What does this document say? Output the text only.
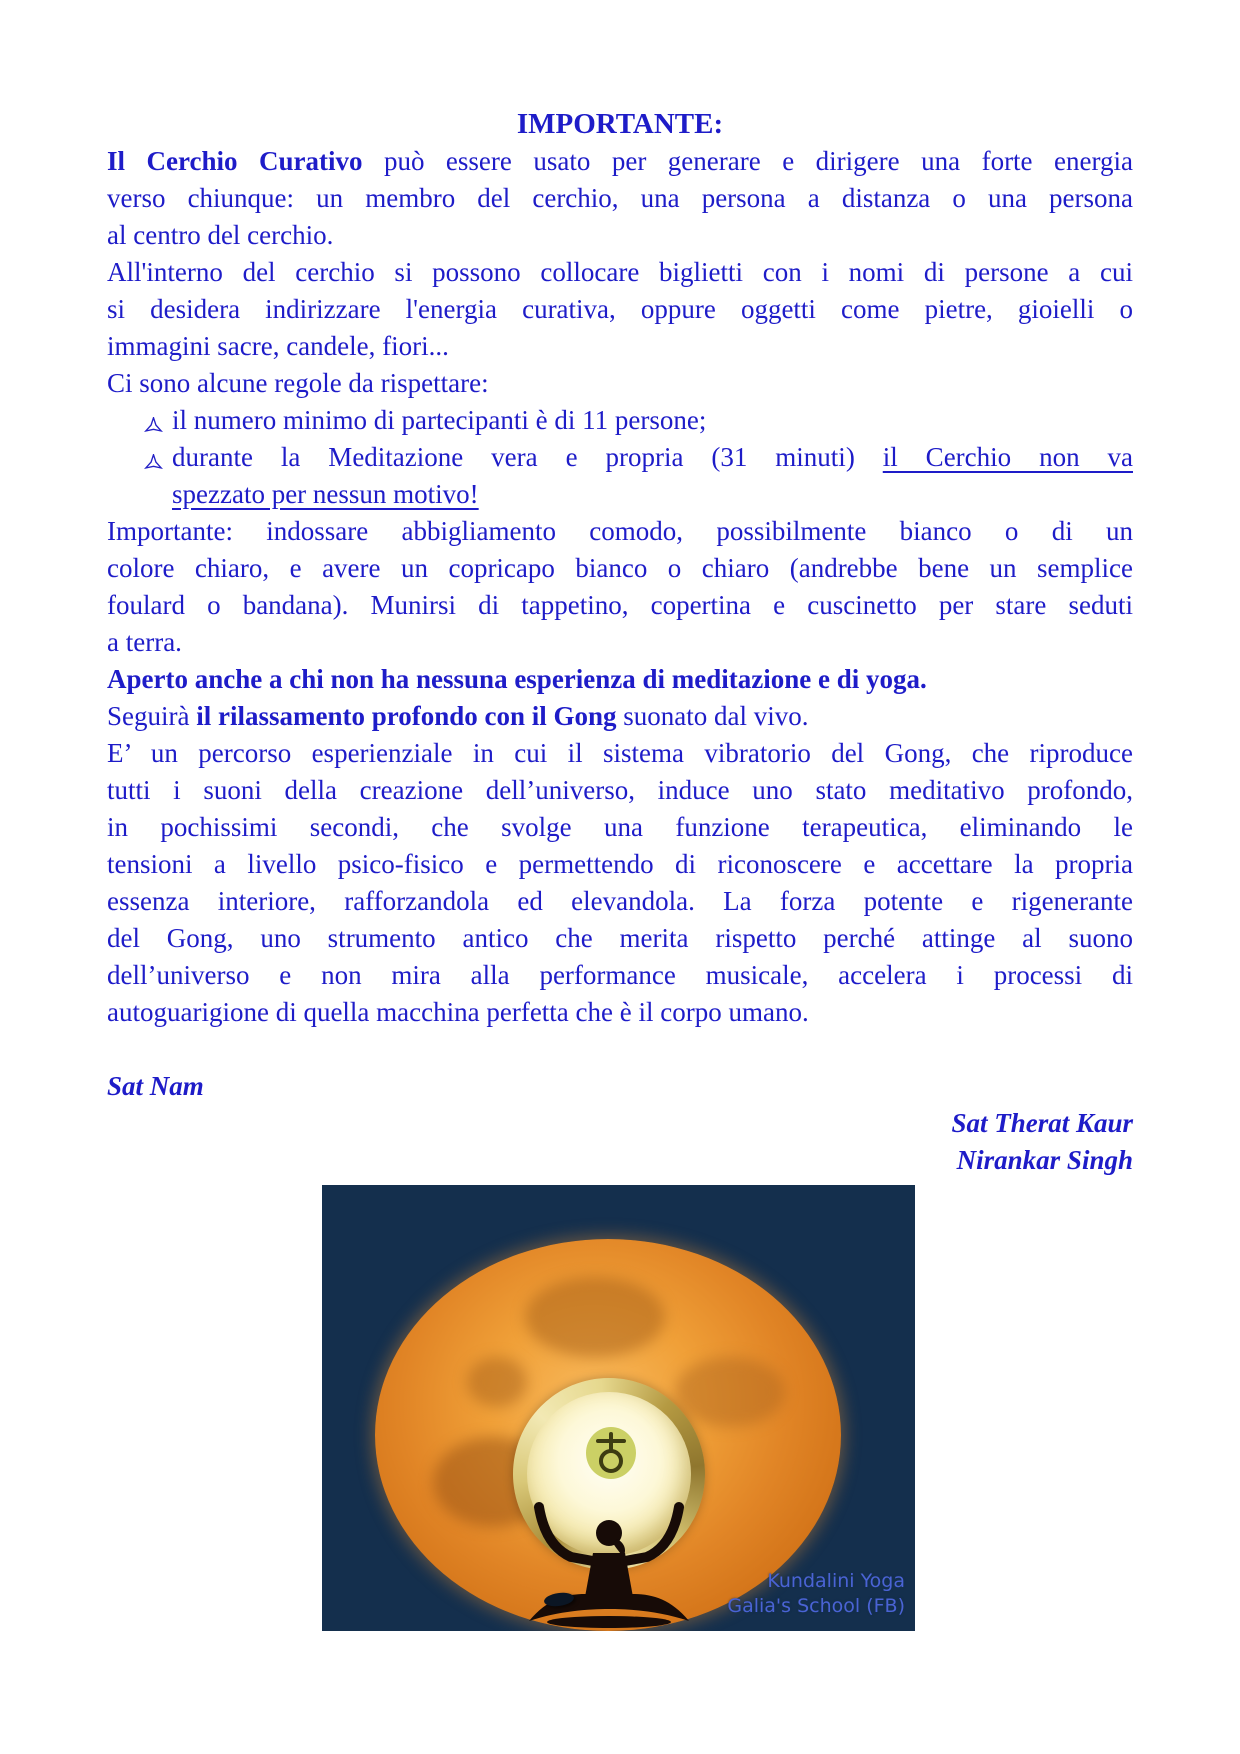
IMPORTANTE:
Il Cerchio Curativo può essere usato per generare e dirigere una forte energia
verso chiunque: un membro del cerchio, una persona a distanza o una persona
al centro del cerchio.
All'interno del cerchio si possono collocare biglietti con i nomi di persone a cui
si desidera indirizzare l'energia curativa, oppure oggetti come pietre, gioielli o
immagini sacre, candele, fiori...
Ci sono alcune regole da rispettare:
il numero minimo di partecipanti è di 11 persone;
durante la Meditazione vera e propria (31 minuti) il Cerchio non va
spezzato per nessun motivo!
Importante: indossare abbigliamento comodo, possibilmente bianco o di un
colore chiaro, e avere un copricapo bianco o chiaro (andrebbe bene un semplice
foulard o bandana). Munirsi di tappetino, copertina e cuscinetto per stare seduti
a terra.
Aperto anche a chi non ha nessuna esperienza di meditazione e di yoga.
Seguirà il rilassamento profondo con il Gong suonato dal vivo.
E’ un percorso esperienziale in cui il sistema vibratorio del Gong, che riproduce
tutti i suoni della creazione dell’universo, induce uno stato meditativo profondo,
in pochissimi secondi, che svolge una funzione terapeutica, eliminando le
tensioni a livello psico-fisico e permettendo di riconoscere e accettare la propria
essenza interiore, rafforzandola ed elevandola. La forza potente e rigenerante
del Gong, uno strumento antico che merita rispetto perché attinge al suono
dell’universo e non mira alla performance musicale, accelera i processi di
autoguarigione di quella macchina perfetta che è il corpo umano.
Sat Nam
Sat Therat Kaur
Nirankar Singh
Kundalini Yoga
Galia's School (FB)
